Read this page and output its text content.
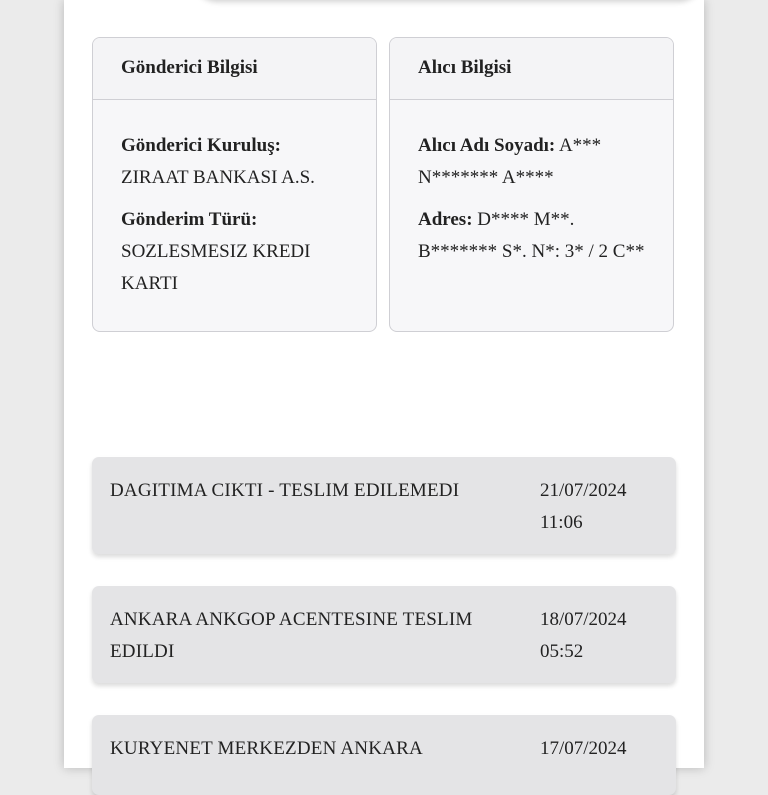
Gönderici Bilgisi
Gönderici Kuruluş:
ZIRAAT BANKASI A.S.
Gönderim Türü:
SOZLESMESIZ KREDI KARTI
Alıcı Bilgisi
Alıcı Adı Soyadı: A*** N******* A****
Adres: D**** M**. B******* S*. N*: 3* / 2 C**
DAGITIMA CIKTI - TESLIM EDILEMEDI	21/07/2024
11:06
ANKARA ANKGOP ACENTESINE TESLIM EDILDI
18/07/2024
05:52
KURYENET MERKEZDEN ANKARA	17/07/2024
